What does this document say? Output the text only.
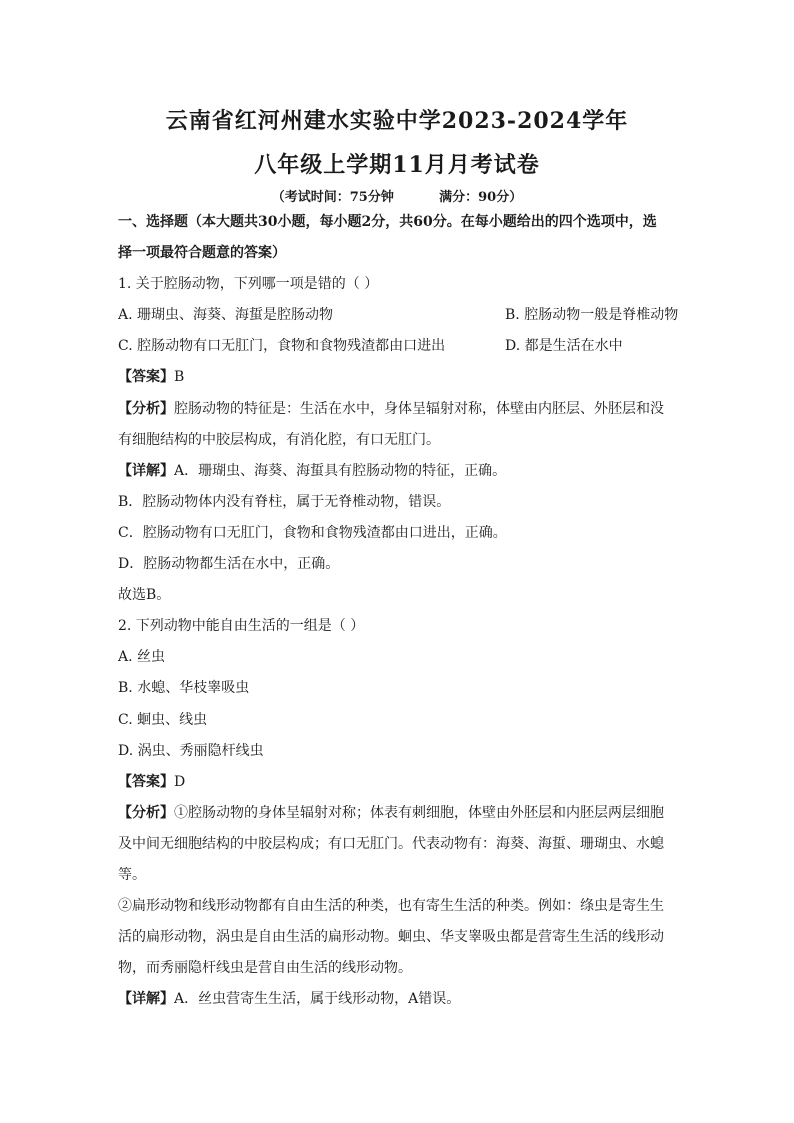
云南省红河州建水实验中学2023-2024学年
八年级上学期11月月考试卷
（考试时间：75分钟          满分：90分）

一、选择题（本大题共30小题，每小题2分，共60分。在每小题给出的四个选项中，选

择一项最符合题意的答案）

1. 关于腔肠动物，下列哪一项是错的（ ）

A. 珊瑚虫、海葵、海蜇是腔肠动物	B. 腔肠动物一般是脊椎动物
C. 腔肠动物有口无肛门，食物和食物残渣都由口进出	D. 都是生活在水中

【答案】B

【分析】腔肠动物的特征是：生活在水中，身体呈辐射对称，体壁由内胚层、外胚层和没

有细胞结构的中胶层构成，有消化腔，有口无肛门。

【详解】A．珊瑚虫、海葵、海蜇具有腔肠动物的特征，正确。

B．腔肠动物体内没有脊柱，属于无脊椎动物，错误。

C．腔肠动物有口无肛门，食物和食物残渣都由口进出，正确。

D．腔肠动物都生活在水中，正确。

故选B。

2. 下列动物中能自由生活的一组是（ ）

A. 丝虫

B. 水螅、华枝睾吸虫

C. 蛔虫、线虫

D. 涡虫、秀丽隐杆线虫

【答案】D

【分析】①腔肠动物的身体呈辐射对称；体表有刺细胞，体壁由外胚层和内胚层两层细胞

及中间无细胞结构的中胶层构成；有口无肛门。代表动物有：海葵、海蜇、珊瑚虫、水螅

等。

②扁形动物和线形动物都有自由生活的种类，也有寄生生活的种类。例如：绦虫是寄生生

活的扁形动物，涡虫是自由生活的扁形动物。蛔虫、华支睾吸虫都是营寄生生活的线形动

物，而秀丽隐杆线虫是营自由生活的线形动物。

【详解】A．丝虫营寄生生活，属于线形动物，A错误。
